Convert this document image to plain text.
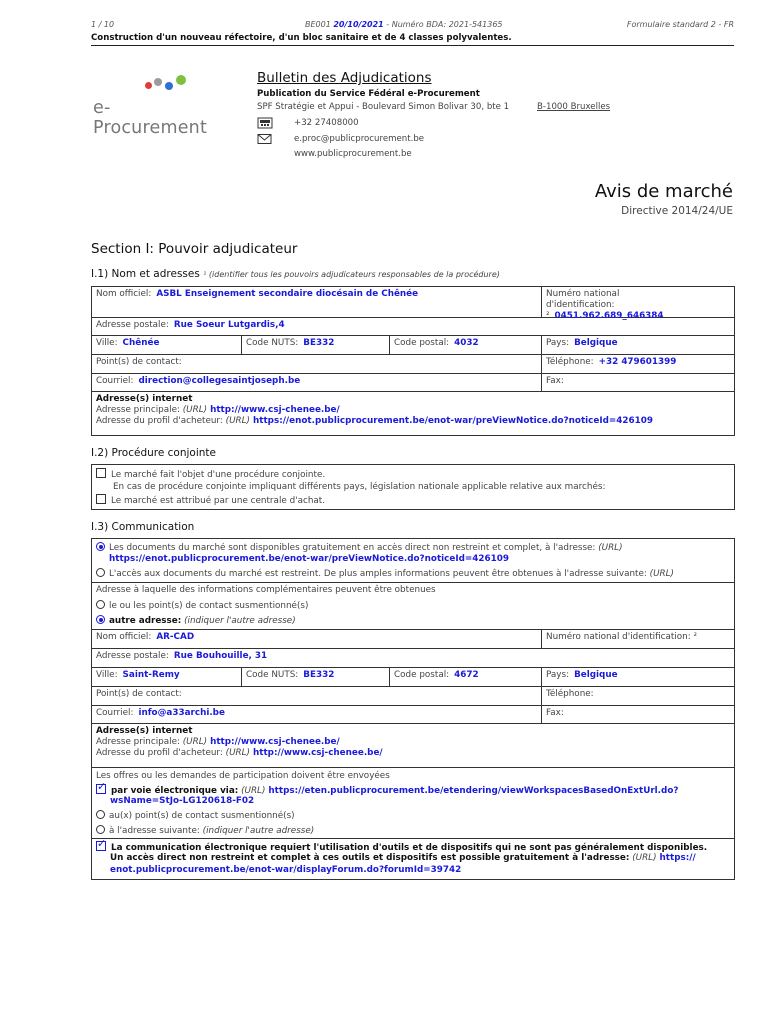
1 / 10	BE001 20/10/2021 - Numéro BDA: 2021-541365	Formulaire standard 2 - FR
Construction d'un nouveau réfectoire, d'un bloc sanitaire et de 4 classes polyvalentes.
e-Procurement
Bulletin des Adjudications
Publication du Service Fédéral e-Procurement
SPF Stratégie et Appui - Boulevard Simon Bolivar 30, bte 1	B-1000 Bruxelles
+32 27408000
e.proc@publicprocurement.be
www.publicprocurement.be
Avis de marché
Directive 2014/24/UE
Section I: Pouvoir adjudicateur
I.1) Nom et adresses ¹ (identifier tous les pouvoirs adjudicateurs responsables de la procédure)
Nom officiel: ASBL Enseignement secondaire diocésain de Chênée	Numéro national
d'identification: ² 0451.962.689_646384
Adresse postale: Rue Soeur Lutgardis,4
Ville: Chênée	Code NUTS: BE332	Code postal: 4032	Pays: Belgique
Point(s) de contact:	Téléphone: +32 479601399
Courriel: direction@collegesaintjoseph.be	Fax:
Adresse(s) internet
Adresse principale: (URL) http://www.csj-chenee.be/
Adresse du profil d'acheteur: (URL) https://enot.publicprocurement.be/enot-war/preViewNotice.do?noticeId=426109
I.2) Procédure conjointe
Le marché fait l'objet d'une procédure conjointe.
En cas de procédure conjointe impliquant différents pays, législation nationale applicable relative aux marchés:
Le marché est attribué par une centrale d'achat.
I.3) Communication
Les documents du marché sont disponibles gratuitement en accès direct non restreint et complet, à l'adresse: (URL)
https://enot.publicprocurement.be/enot-war/preViewNotice.do?noticeId=426109
L'accès aux documents du marché est restreint. De plus amples informations peuvent être obtenues à l'adresse suivante: (URL)
Adresse à laquelle des informations complémentaires peuvent être obtenues
le ou les point(s) de contact susmentionné(s)
autre adresse: (indiquer l'autre adresse)
Nom officiel: AR-CAD	Numéro national d'identification: ²
Adresse postale: Rue Bouhouille, 31
Ville: Saint-Remy	Code NUTS: BE332	Code postal: 4672	Pays: Belgique
Point(s) de contact:	Téléphone:
Courriel: info@a33archi.be	Fax:
Adresse(s) internet
Adresse principale: (URL) http://www.csj-chenee.be/
Adresse du profil d'acheteur: (URL) http://www.csj-chenee.be/
Les offres ou les demandes de participation doivent être envoyées
✓par voie électronique via: (URL) https://eten.publicprocurement.be/etendering/viewWorkspacesBasedOnExtUrl.do?
wsName=StJo-LG120618-F02
au(x) point(s) de contact susmentionné(s)
à l'adresse suivante: (indiquer l'autre adresse)
✓La communication électronique requiert l'utilisation d'outils et de dispositifs qui ne sont pas généralement disponibles.
Un accès direct non restreint et complet à ces outils et dispositifs est possible gratuitement à l'adresse: (URL) https://
enot.publicprocurement.be/enot-war/displayForum.do?forumId=39742
